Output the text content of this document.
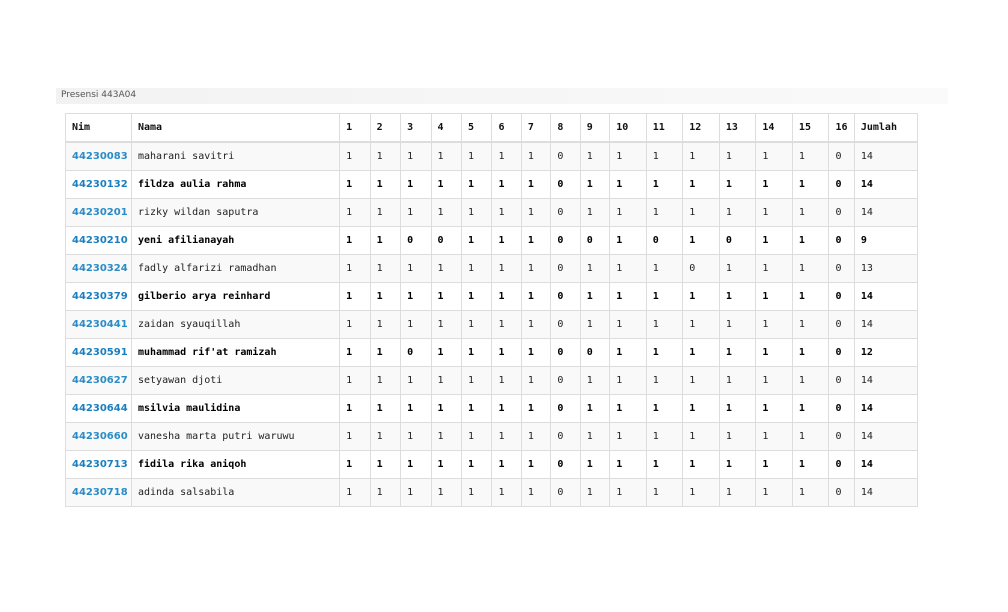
Presensi 443A04
Nim	Nama	1	2	3	4	5	6	7	8	9	10	11	12	13	14	15	16	Jumlah
44230083	maharani savitri	1	1	1	1	1	1	1	0	1	1	1	1	1	1	1	0	14
44230132	fildza aulia rahma	1	1	1	1	1	1	1	0	1	1	1	1	1	1	1	0	14
44230201	rizky wildan saputra	1	1	1	1	1	1	1	0	1	1	1	1	1	1	1	0	14
44230210	yeni afilianayah	1	1	0	0	1	1	1	0	0	1	0	1	0	1	1	0	9
44230324	fadly alfarizi ramadhan	1	1	1	1	1	1	1	0	1	1	1	0	1	1	1	0	13
44230379	gilberio arya reinhard	1	1	1	1	1	1	1	0	1	1	1	1	1	1	1	0	14
44230441	zaidan syauqillah	1	1	1	1	1	1	1	0	1	1	1	1	1	1	1	0	14
44230591	muhammad rif'at ramizah	1	1	0	1	1	1	1	0	0	1	1	1	1	1	1	0	12
44230627	setyawan djoti	1	1	1	1	1	1	1	0	1	1	1	1	1	1	1	0	14
44230644	msilvia maulidina	1	1	1	1	1	1	1	0	1	1	1	1	1	1	1	0	14
44230660	vanesha marta putri waruwu	1	1	1	1	1	1	1	0	1	1	1	1	1	1	1	0	14
44230713	fidila rika aniqoh	1	1	1	1	1	1	1	0	1	1	1	1	1	1	1	0	14
44230718	adinda salsabila	1	1	1	1	1	1	1	0	1	1	1	1	1	1	1	0	14
